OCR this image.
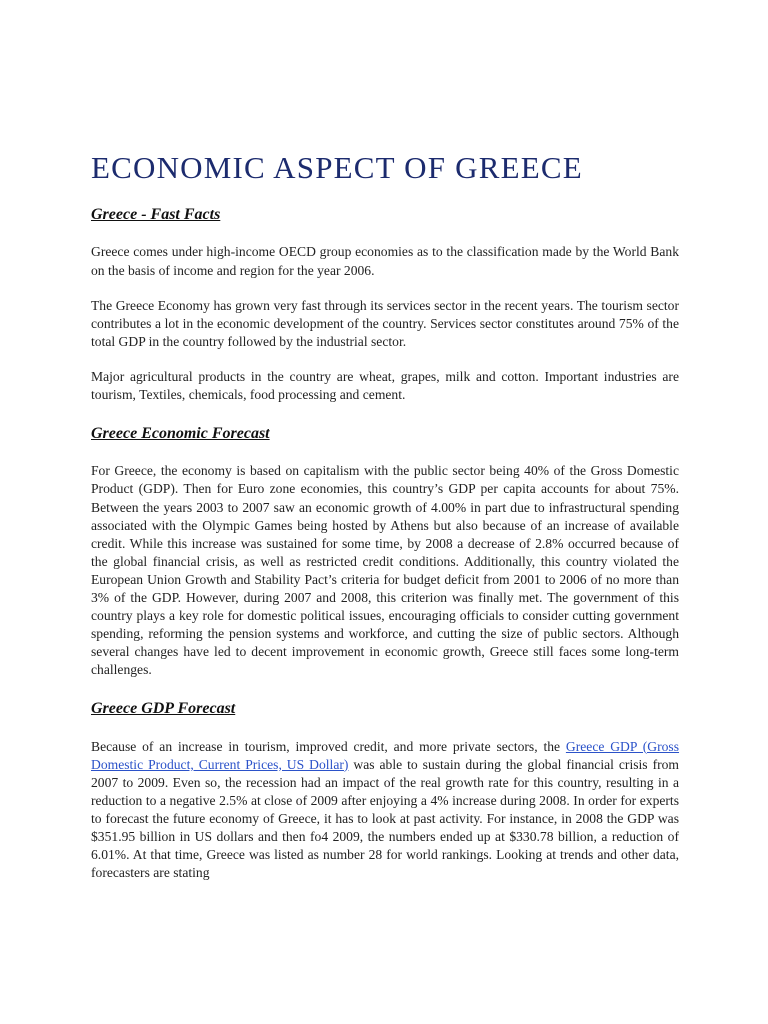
ECONOMIC ASPECT OF GREECE
Greece - Fast Facts

Greece comes under high-income OECD group economies as to the classification made by the World Bank on the basis of income and region for the year 2006.

The Greece Economy has grown very fast through its services sector in the recent years. The tourism sector contributes a lot in the economic development of the country. Services sector constitutes around 75% of the total GDP in the country followed by the industrial sector.

Major agricultural products in the country are wheat, grapes, milk and cotton. Important industries are tourism, Textiles, chemicals, food processing and cement.

Greece Economic Forecast

For Greece, the economy is based on capitalism with the public sector being 40% of the Gross Domestic Product (GDP). Then for Euro zone economies, this country’s GDP per capita accounts for about 75%. Between the years 2003 to 2007 saw an economic growth of 4.00% in part due to infrastructural spending associated with the Olympic Games being hosted by Athens but also because of an increase of available credit. While this increase was sustained for some time, by 2008 a decrease of 2.8% occurred because of the global financial crisis, as well as restricted credit conditions. Additionally, this country violated the European Union Growth and Stability Pact’s criteria for budget deficit from 2001 to 2006 of no more than 3% of the GDP. However, during 2007 and 2008, this criterion was finally met. The government of this country plays a key role for domestic political issues, encouraging officials to consider cutting government spending, reforming the pension systems and workforce, and cutting the size of public sectors. Although several changes have led to decent improvement in economic growth, Greece still faces some long-term challenges.

Greece GDP Forecast

Because of an increase in tourism, improved credit, and more private sectors, the Greece GDP (Gross Domestic Product, Current Prices, US Dollar) was able to sustain during the global financial crisis from 2007 to 2009. Even so, the recession had an impact of the real growth rate for this country, resulting in a reduction to a negative 2.5% at close of 2009 after enjoying a 4% increase during 2008. In order for experts to forecast the future economy of Greece, it has to look at past activity. For instance, in 2008 the GDP was $351.95 billion in US dollars and then fo4 2009, the numbers ended up at $330.78 billion, a reduction of 6.01%. At that time, Greece was listed as number 28 for world rankings. Looking at trends and other data, forecasters are stating
